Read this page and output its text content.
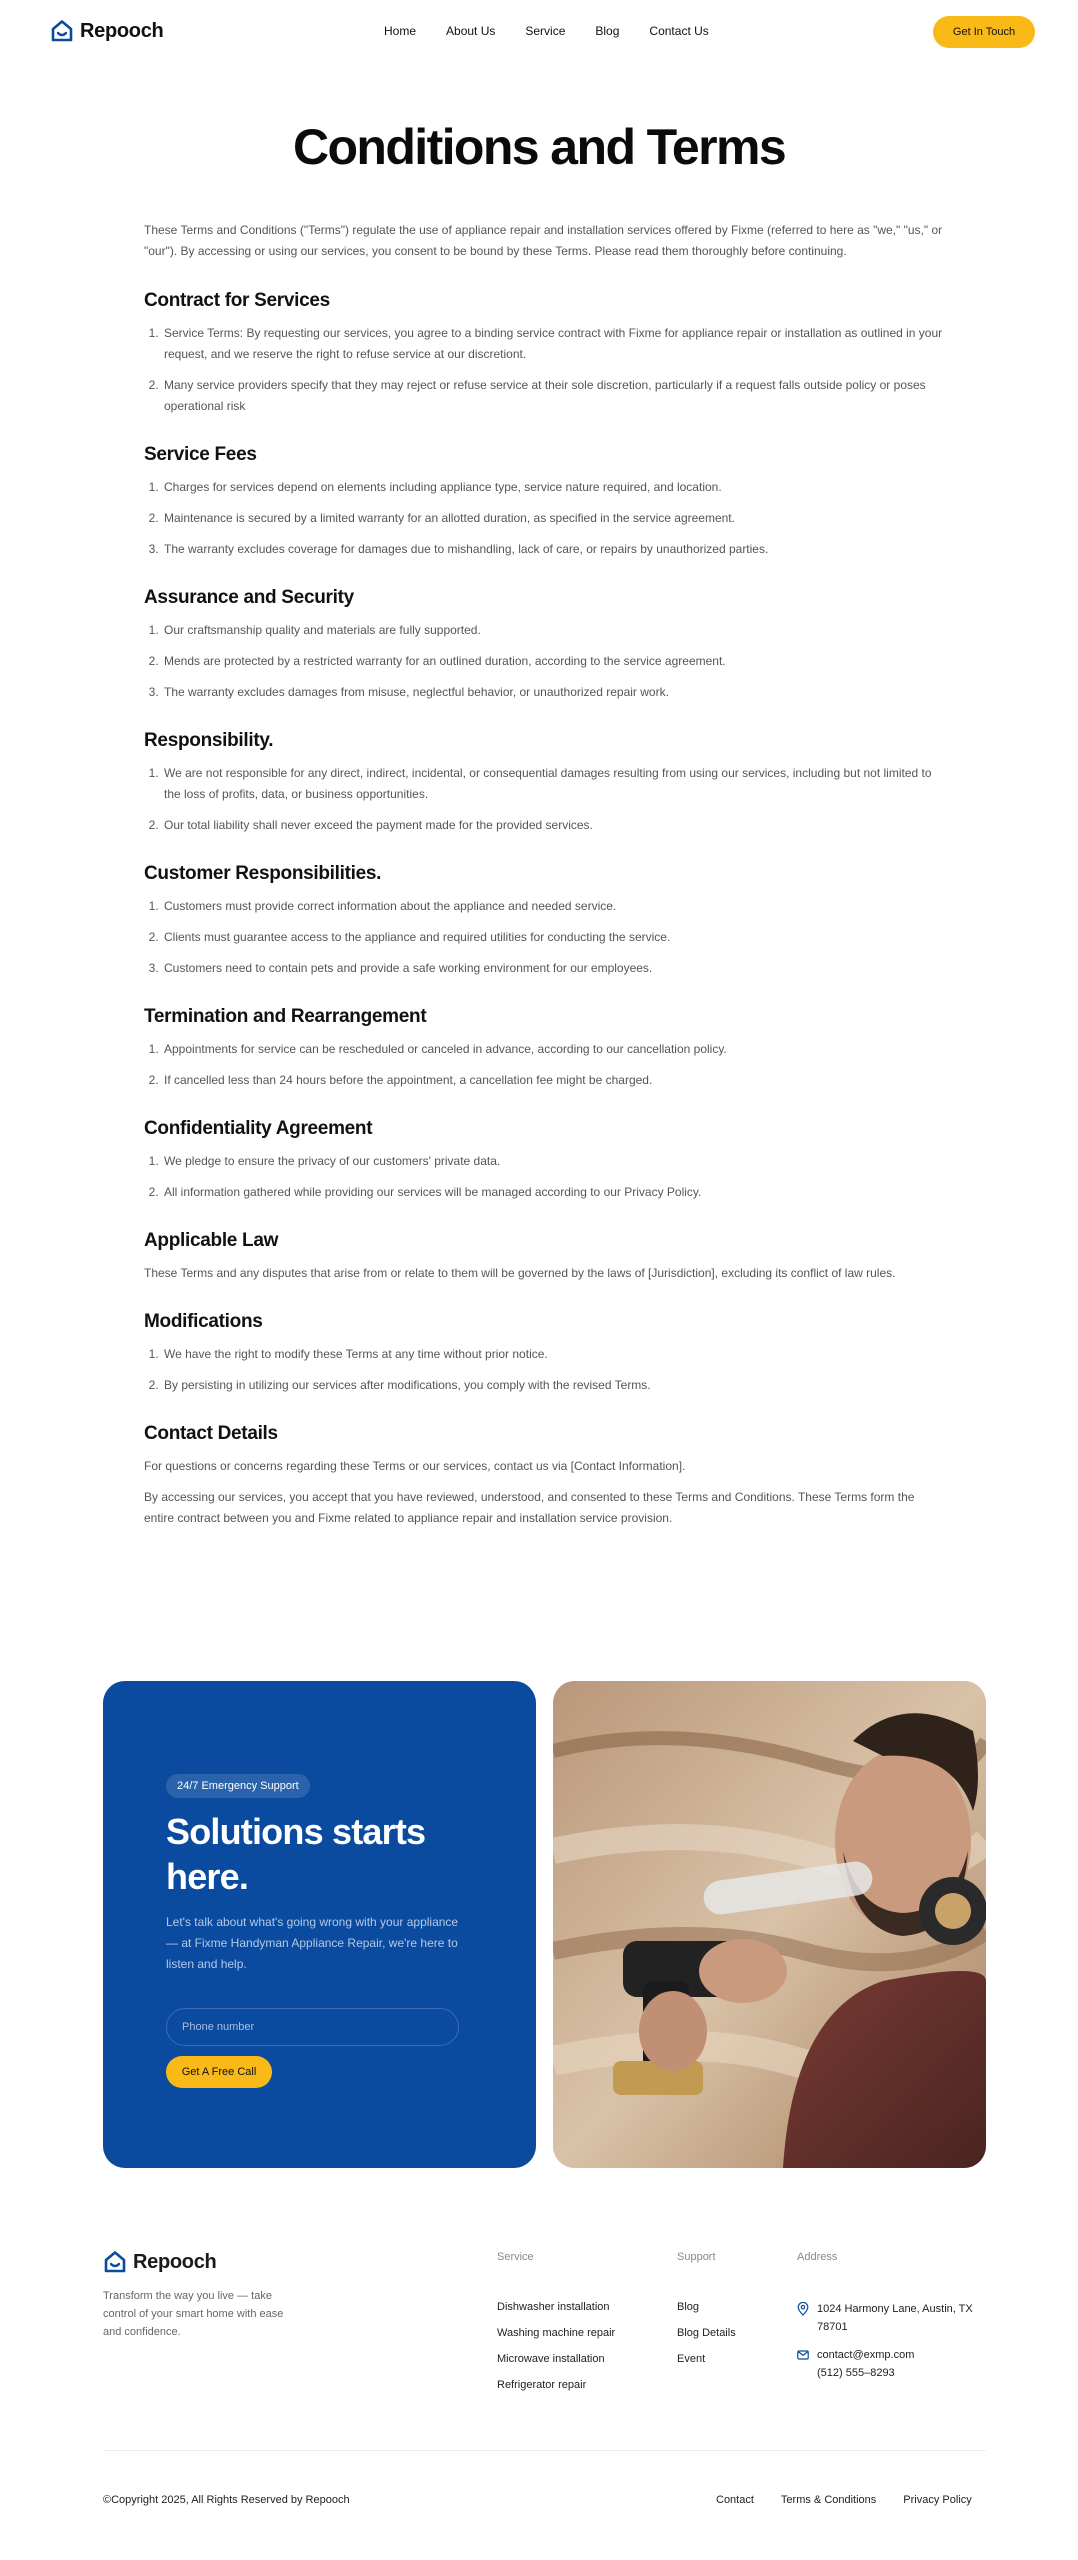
Repooch	Home	About Us	Service	Blog	Contact Us	Get In Touch
Conditions and Terms

These Terms and Conditions ("Terms") regulate the use of appliance repair and installation services offered by Fixme (referred to here as "we," "us," or "our"). By accessing or using our services, you consent to be bound by these Terms. Please read them thoroughly before continuing.

Contract for Services
1. Service Terms: By requesting our services, you agree to a binding service contract with Fixme for appliance repair or installation as outlined in your request, and we reserve the right to refuse service at our discretiont.
2. Many service providers specify that they may reject or refuse service at their sole discretion, particularly if a request falls outside policy or poses operational risk
Service Fees
1. Charges for services depend on elements including appliance type, service nature required, and location.
2. Maintenance is secured by a limited warranty for an allotted duration, as specified in the service agreement.
3. The warranty excludes coverage for damages due to mishandling, lack of care, or repairs by unauthorized parties.
Assurance and Security
1. Our craftsmanship quality and materials are fully supported.
2. Mends are protected by a restricted warranty for an outlined duration, according to the service agreement.
3. The warranty excludes damages from misuse, neglectful behavior, or unauthorized repair work.
Responsibility.
1. We are not responsible for any direct, indirect, incidental, or consequential damages resulting from using our services, including but not limited to the loss of profits, data, or business opportunities.
2. Our total liability shall never exceed the payment made for the provided services.
Customer Responsibilities.
1. Customers must provide correct information about the appliance and needed service.
2. Clients must guarantee access to the appliance and required utilities for conducting the service.
3. Customers need to contain pets and provide a safe working environment for our employees.
Termination and Rearrangement
1. Appointments for service can be rescheduled or canceled in advance, according to our cancellation policy.
2. If cancelled less than 24 hours before the appointment, a cancellation fee might be charged.
Confidentiality Agreement
1. We pledge to ensure the privacy of our customers' private data.
2. All information gathered while providing our services will be managed according to our Privacy Policy.
Applicable Law

These Terms and any disputes that arise from or relate to them will be governed by the laws of [Jurisdiction], excluding its conflict of law rules.

Modifications
1. We have the right to modify these Terms at any time without prior notice.
2. By persisting in utilizing our services after modifications, you comply with the revised Terms.
Contact Details

For questions or concerns regarding these Terms or our services, contact us via [Contact Information].

By accessing our services, you accept that you have reviewed, understood, and consented to these Terms and Conditions. These Terms form the entire contract between you and Fixme related to appliance repair and installation service provision.

24/7 Emergency Support
Solutions starts here.

Let's talk about what's going wrong with your appliance — at Fixme Handyman Appliance Repair, we're here to listen and help.

Phone number
Get A Free Call
Repooch

Transform the way you live — take control of your smart home with ease and confidence.

Service
Dishwasher installation
Washing machine repair
Microwave installation
Refrigerator repair
Support
Blog
Blog Details
Event
Address
1024 Harmony Lane, Austin, TX
78701
contact@exmp.com
(512) 555–8293

©Copyright 2025, All Rights Reserved by Repooch	Contact Terms & Conditions Privacy Policy
